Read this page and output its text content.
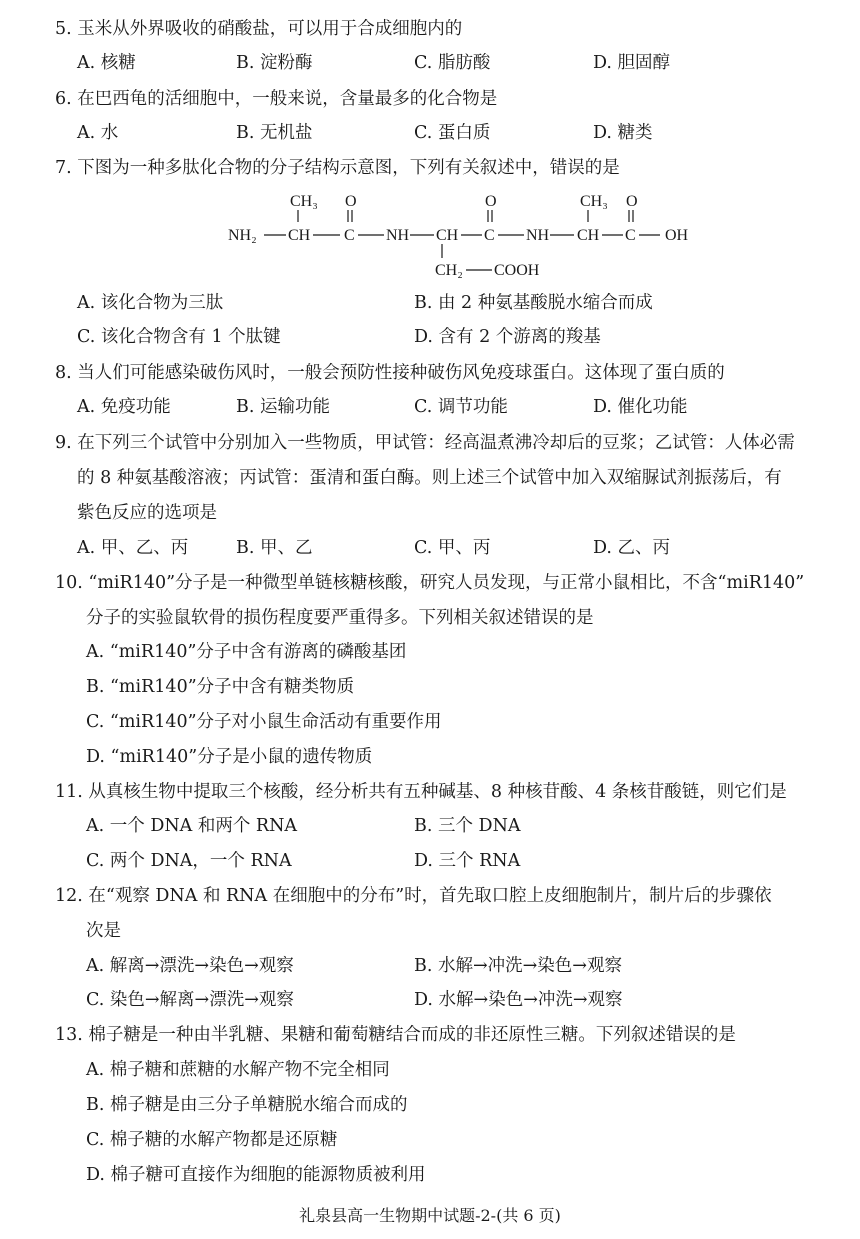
5. 玉米从外界吸收的硝酸盐，可以用于合成细胞内的
A. 核糖	B. 淀粉酶	C. 脂肪酸	D. 胆固醇
6. 在巴西龟的活细胞中，一般来说，含量最多的化合物是
A. 水	B. 无机盐	C. 蛋白质	D. 糖类
7. 下图为一种多肽化合物的分子结构示意图，下列有关叙述中，错误的是
CH₃ O	O	CH₃ O
NH₂ CH C NH CH C NH CH C OH
CH₂ COOH
A. 该化合物为三肽	B. 由 2 种氨基酸脱水缩合而成
C. 该化合物含有 1 个肽键	D. 含有 2 个游离的羧基
8. 当人们可能感染破伤风时，一般会预防性接种破伤风免疫球蛋白。这体现了蛋白质的
A. 免疫功能	B. 运输功能	C. 调节功能	D. 催化功能
9. 在下列三个试管中分别加入一些物质，甲试管：经高温煮沸冷却后的豆浆；乙试管：人体必需
的 8 种氨基酸溶液；丙试管：蛋清和蛋白酶。则上述三个试管中加入双缩脲试剂振荡后，有
紫色反应的选项是
A. 甲、乙、丙	B. 甲、乙	C. 甲、丙	D. 乙、丙
10. “miR140”分子是一种微型单链核糖核酸，研究人员发现，与正常小鼠相比，不含“miR140”
分子的实验鼠软骨的损伤程度要严重得多。下列相关叙述错误的是
A. “miR140”分子中含有游离的磷酸基团
B. “miR140”分子中含有糖类物质
C. “miR140”分子对小鼠生命活动有重要作用
D. “miR140”分子是小鼠的遗传物质
11. 从真核生物中提取三个核酸，经分析共有五种碱基、8 种核苷酸、4 条核苷酸链，则它们是
A. 一个 DNA 和两个 RNA	B. 三个 DNA
C. 两个 DNA，一个 RNA	D. 三个 RNA
12. 在“观察 DNA 和 RNA 在细胞中的分布”时，首先取口腔上皮细胞制片，制片后的步骤依
次是
A. 解离→漂洗→染色→观察	B. 水解→冲洗→染色→观察
C. 染色→解离→漂洗→观察	D. 水解→染色→冲洗→观察
13. 棉子糖是一种由半乳糖、果糖和葡萄糖结合而成的非还原性三糖。下列叙述错误的是
A. 棉子糖和蔗糖的水解产物不完全相同
B. 棉子糖是由三分子单糖脱水缩合而成的
C. 棉子糖的水解产物都是还原糖
D. 棉子糖可直接作为细胞的能源物质被利用
礼泉县高一生物期中试题-2-(共 6 页)
